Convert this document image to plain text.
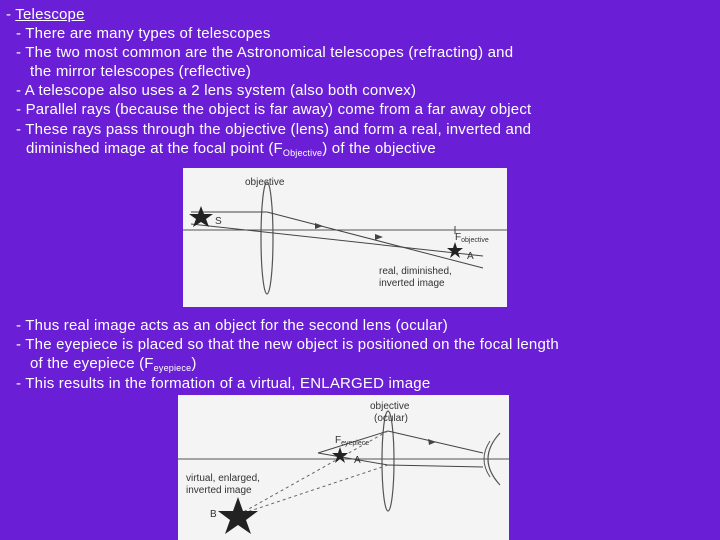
- Telescope
- There are many types of telescopes
- The two most common are the Astronomical telescopes (refracting) and
the mirror telescopes (reflective)
- A telescope also uses a 2 lens system (also both convex)
- Parallel rays (because the object is far away) come from a far away object
- These rays pass through the objective (lens) and form a real, inverted and
diminished image at the focal point $(F_{Objective})$ of the objective
objective
S
$F_{objective}$
A
real, diminished,
inverted image
- Thus real image acts as an object for the second lens (ocular)
- The eyepiece is placed so that the new object is positioned on the focal length
of the eyepiece $(F_{eyepiece})$
- This results in the formation of a virtual, ENLARGED image
objective
(ocular)
$F_{eyepiece}$
A
virtual, enlarged,
inverted image
B
